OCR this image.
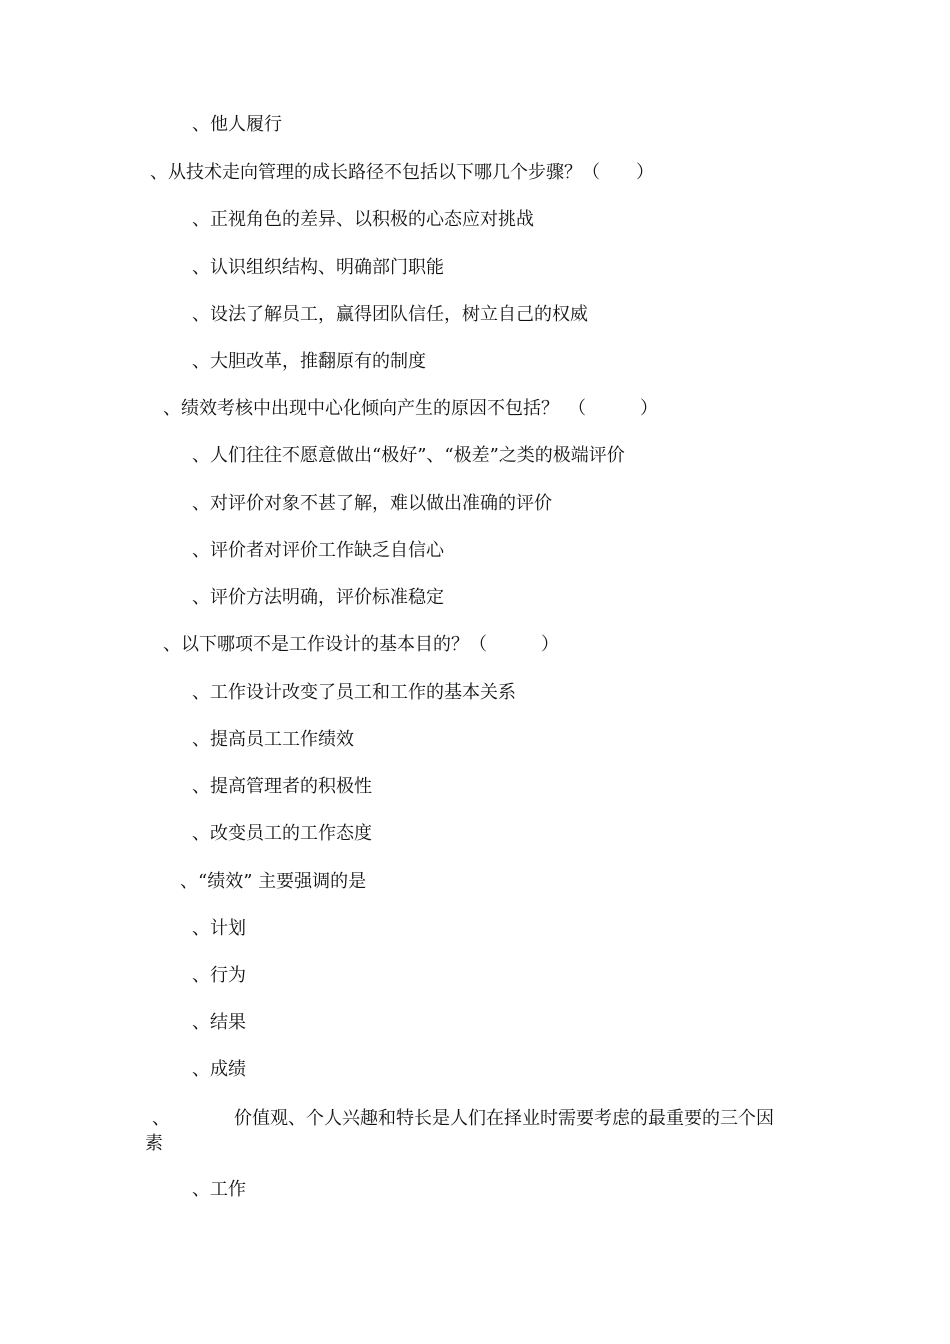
、他人履行
、从技术走向管理的成长路径不包括以下哪几个步骤？（　　）
、正视角色的差异、以积极的心态应对挑战
、认识组织结构、明确部门职能
、设法了解员工，赢得团队信任，树立自己的权威
、大胆改革，推翻原有的制度
、绩效考核中出现中心化倾向产生的原因不包括？　（　　　）
、人们往往不愿意做出“极好”、“极差”之类的极端评价
、对评价对象不甚了解，难以做出准确的评价
、评价者对评价工作缺乏自信心
、评价方法明确，评价标准稳定
、以下哪项不是工作设计的基本目的？（　　　）
、工作设计改变了员工和工作的基本关系
、提高员工工作绩效
、提高管理者的积极性
、改变员工的工作态度
、“绩效” 主要强调的是
、计划
、行为
、结果
、成绩
、	价值观、个人兴趣和特长是人们在择业时需要考虑的最重要的三个因
素
、工作
